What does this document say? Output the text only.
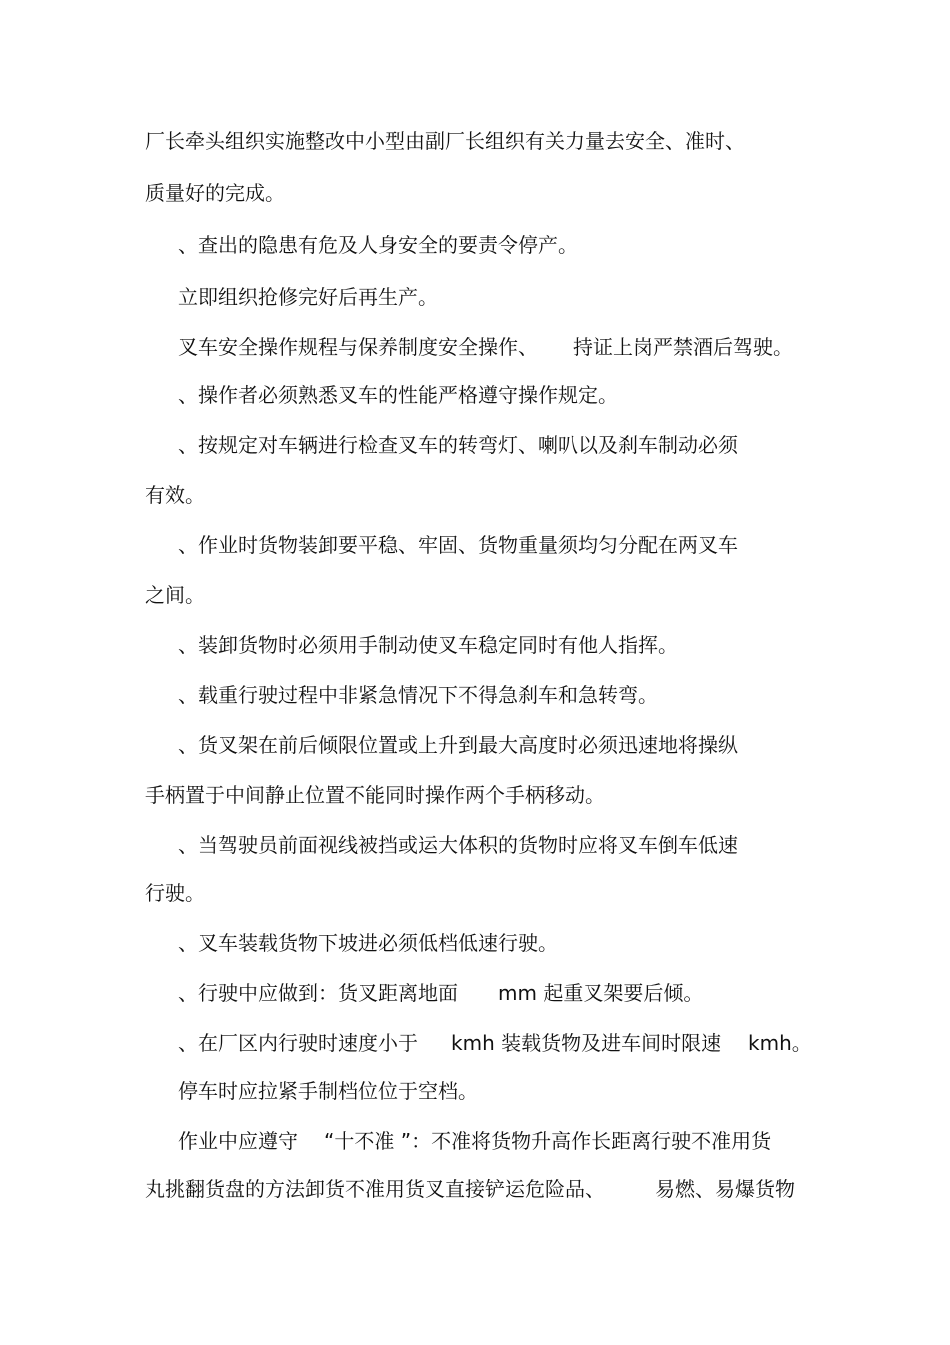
厂长牵头组织实施整改中小型由副厂长组织有关力量去安全、准时、
质量好的完成。
、查出的隐患有危及人身安全的要责令停产。
立即组织抢修完好后再生产。
叉车安全操作规程与保养制度安全操作、 持证上岗严禁酒后驾驶。
、操作者必须熟悉叉车的性能严格遵守操作规定。
、按规定对车辆进行检查叉车的转弯灯、喇叭以及刹车制动必须
有效。
、作业时货物装卸要平稳、牢固、货物重量须均匀分配在两叉车
之间。
、装卸货物时必须用手制动使叉车稳定同时有他人指挥。
、载重行驶过程中非紧急情况下不得急刹车和急转弯。
、货叉架在前后倾限位置或上升到最大高度时必须迅速地将操纵
手柄置于中间静止位置不能同时操作两个手柄移动。
、当驾驶员前面视线被挡或运大体积的货物时应将叉车倒车低速
行驶。
、叉车装载货物下坡进必须低档低速行驶。
、行驶中应做到：货叉距离地面 mm 起重叉架要后倾。
、在厂区内行驶时速度小于 kmh 装载货物及进车间时限速 kmh。
停车时应拉紧手制档位位于空档。
作业中应遵守 “十不准 ”：不准将货物升高作长距离行驶不准用货
丸挑翻货盘的方法卸货不准用货叉直接铲运危险品、	易燃、易爆货物
